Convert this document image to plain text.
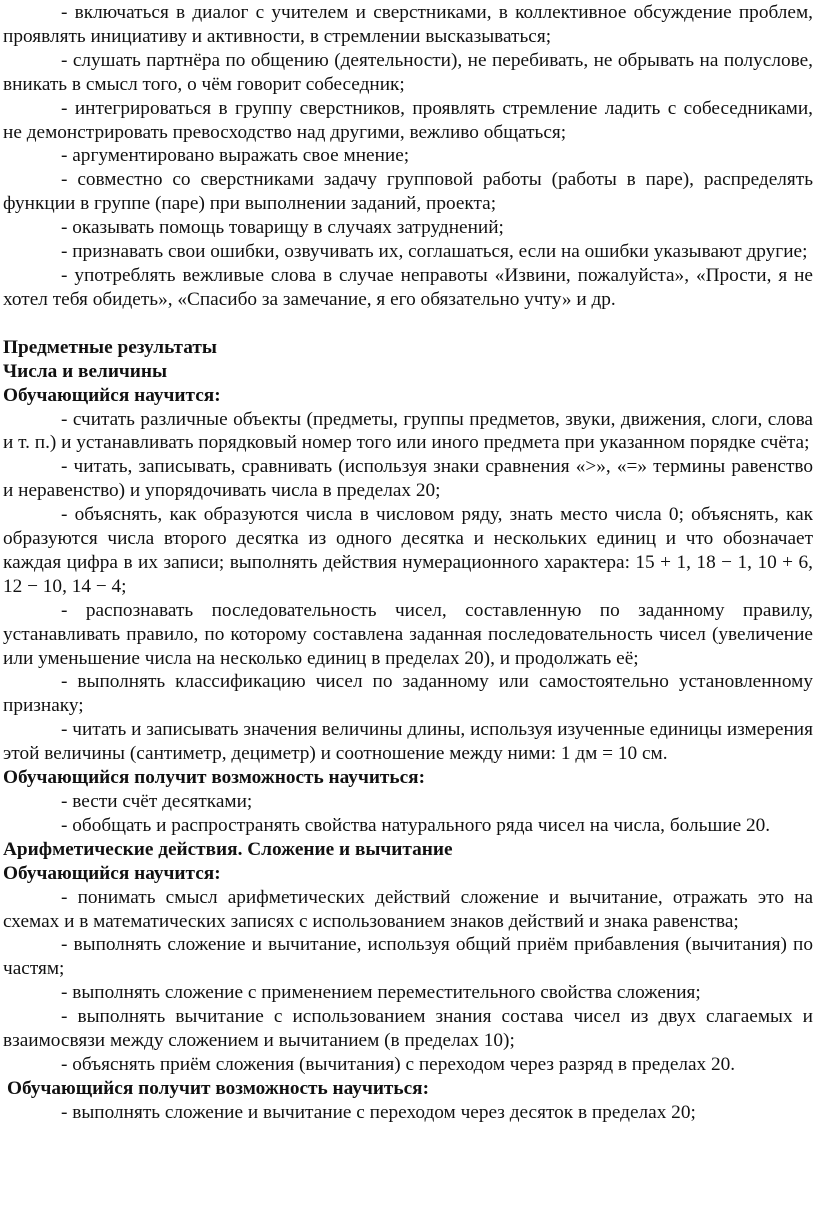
- включаться в диалог с учителем и сверстниками, в коллективное обсуждение проблем, проявлять инициативу и активности, в стремлении высказываться;

- слушать партнёра по общению (деятельности), не перебивать, не обрывать на полуслове, вникать в смысл того, о чём говорит собеседник;

- интегрироваться в группу сверстников, проявлять стремление ладить с собеседниками, не демонстрировать превосходство над другими, вежливо общаться;

- аргументировано выражать свое мнение;

- совместно со сверстниками задачу групповой работы (работы в паре), распределять функции в группе (паре) при выполнении заданий, проекта;

- оказывать помощь товарищу в случаях затруднений;

- признавать свои ошибки, озвучивать их, соглашаться, если на ошибки указывают другие;

- употреблять вежливые слова в случае неправоты «Извини, пожалуйста», «Прости, я не хотел тебя обидеть», «Спасибо за замечание, я его обязательно учту» и др.

Предметные результаты

Числа и величины

Обучающийся научится:

- считать различные объекты (предметы, группы предметов, звуки, движения, слоги, слова и т. п.) и устанавливать порядковый номер того или иного предмета при указанном порядке счёта;

- читать, записывать, сравнивать (используя знаки сравнения «>», «=» термины равенство и неравенство) и упорядочивать числа в пределах 20;

- объяснять, как образуются числа в числовом ряду, знать место числа 0; объяснять, как образуются числа второго десятка из одного десятка и нескольких единиц и что обозначает каждая цифра в их записи; выполнять действия нумерационного характера: 15 + 1, 18 − 1, 10 + 6, 12 − 10, 14 − 4;

- распознавать последовательность чисел, составленную по заданному правилу, устанавливать правило, по которому составлена заданная последовательность чисел (увеличение или уменьшение числа на несколько единиц в пределах 20), и продолжать её;

- выполнять классификацию чисел по заданному или самостоятельно установленному признаку;

- читать и записывать значения величины длины, используя изученные единицы измерения этой величины (сантиметр, дециметр) и соотношение между ними: 1 дм = 10 см.

Обучающийся получит возможность научиться:

- вести счёт десятками;

- обобщать и распространять свойства натурального ряда чисел на числа, большие 20.

Арифметические действия. Сложение и вычитание

Обучающийся научится:

- понимать смысл арифметических действий сложение и вычитание, отражать это на схемах и в математических записях с использованием знаков действий и знака равенства;

- выполнять сложение и вычитание, используя общий приём прибавления (вычитания) по частям;

- выполнять сложение с применением переместительного свойства сложения;

- выполнять вычитание с использованием знания состава чисел из двух слагаемых и взаимосвязи между сложением и вычитанием (в пределах 10);

- объяснять приём сложения (вычитания) с переходом через разряд в пределах 20.

Обучающийся получит возможность научиться:

- выполнять сложение и вычитание с переходом через десяток в пределах 20;
